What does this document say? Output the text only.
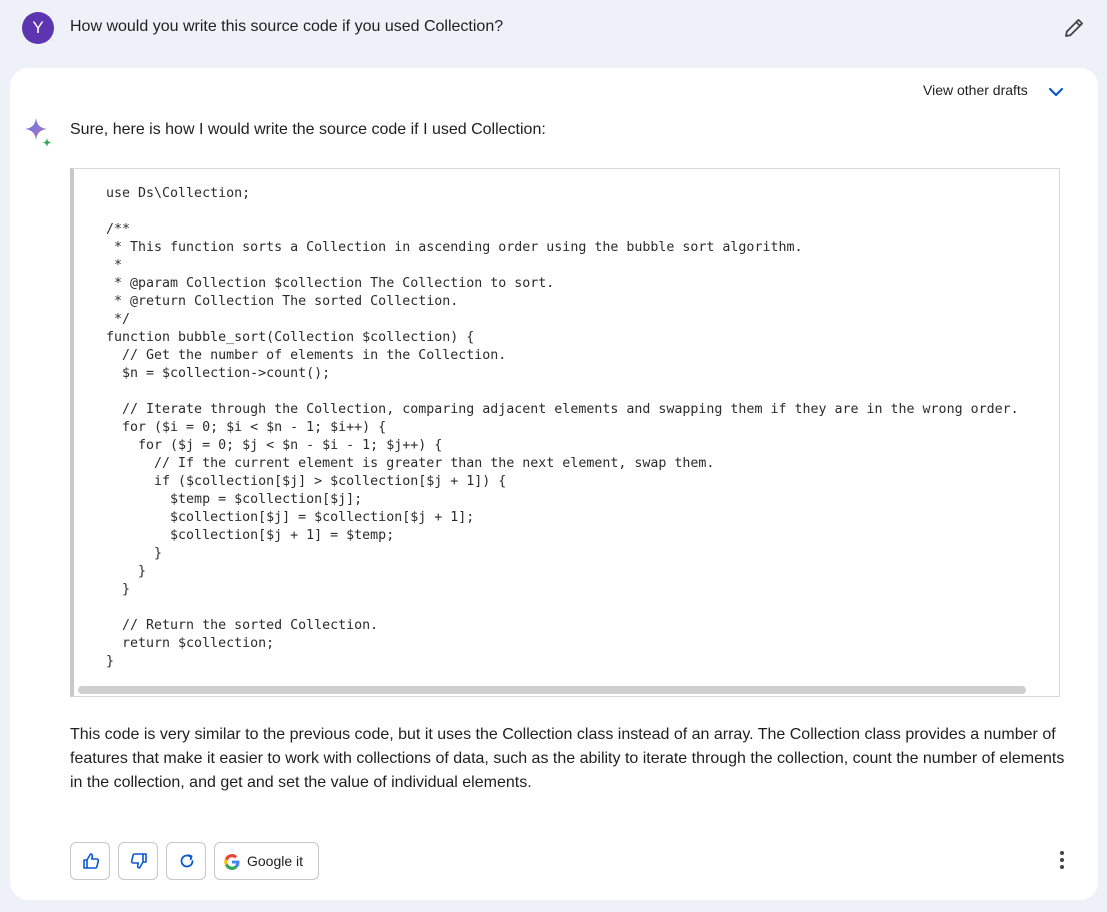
Y	How would you write this source code if you used Collection?
View other drafts
Sure, here is how I would write the source code if I used Collection:
use Ds\Collection;

/**
* This function sorts a Collection in ascending order using the bubble sort algorithm.
*
* @param Collection $collection The Collection to sort.
* @return Collection The sorted Collection.
*/
function bubble_sort(Collection $collection) {
// Get the number of elements in the Collection.
$n = $collection->count();

// Iterate through the Collection, comparing adjacent elements and swapping them if they are in the wrong order.
for ($i = 0; $i < $n - 1; $i++) {
for ($j = 0; $j < $n - $i - 1; $j++) {
// If the current element is greater than the next element, swap them.
if ($collection[$j] > $collection[$j + 1]) {
$temp = $collection[$j];
$collection[$j] = $collection[$j + 1];
$collection[$j + 1] = $temp;
}
}
}

// Return the sorted Collection.
return $collection;
}
This code is very similar to the previous code, but it uses the Collection class instead of an array. The Collection class provides a number of features that make it easier to work with collections of data, such as the ability to iterate through the collection, count the number of elements in the collection, and get and set the value of individual elements.
Google it
